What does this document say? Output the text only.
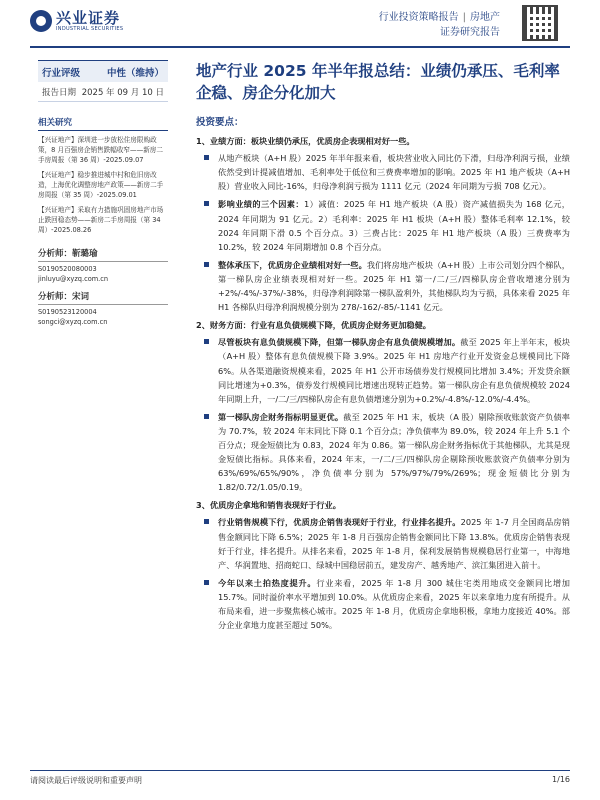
兴业证券
INDUSTRIAL SECURITIES
行业投资策略报告 | 房地产
证券研究报告
行业评级	中性（维持）
报告日期 2025 年 09 月 10 日
相关研究
【兴证地产】深圳进一步放松住房限购政策，8 月百强房企销售跌幅收窄——新房二手房周报（第 36 周）-2025.09.07
【兴证地产】稳步推进城中村和危旧房改造，上海优化调整房地产政策——新房二手房周报（第 35 周）-2025.09.01
【兴证地产】采取有力措施巩固房地产市场止跌回稳态势——新房二手房周报（第 34 周）-2025.08.26
分析师：靳璐瑜
S0190520080003
jinluyu@xyzq.com.cn
分析师：宋词
S0190523120004
songci@xyzq.com.cn
地产行业 2025 年半年报总结：业绩仍承压、毛利率企稳、房企分化加大
投资要点：
1、业绩方面：板块业绩仍承压，优质房企表现相对好一些。
从地产板块（A+H 股）2025 年半年报来看，板块营业收入同比仍下滑，归母净利润亏损，业绩依然受到计提减值增加、毛利率处于低位和三费费率增加的影响。2025 年 H1 地产板块（A+H 股）营业收入同比-16%，归母净利润亏损为 1111 亿元（2024 年同期为亏损 708 亿元）。
影响业绩的三个因素：1）减值：2025 年 H1 地产板块（A 股）资产减值损失为 168 亿元，2024 年同期为 91 亿元。2）毛利率：2025 年 H1 板块（A+H 股）整体毛利率 12.1%，较 2024 年同期下滑 0.5 个百分点。3）三费占比：2025 年 H1 地产板块（A 股）三费费率为 10.2%，较 2024 年同期增加 0.8 个百分点。
整体承压下，优质房企业绩相对好一些。我们将房地产板块（A+H 股）上市公司划分四个梯队，第一梯队房企业绩表现相对好一些。2025 年 H1 第一/二/三/四梯队房企营收增速分别为+2%/-4%/-37%/-38%，归母净利润除第一梯队盈利外，其他梯队均为亏损，具体来看 2025 年 H1 各梯队归母净利润规模分别为 278/-162/-85/-1141 亿元。
2、财务方面：行业有息负债规模下降，优质房企财务更加稳健。
尽管板块有息负债规模下降，但第一梯队房企有息负债规模增加。截至 2025 年上半年末，板块（A+H 股）整体有息负债规模下降 3.9%。2025 年 H1 房地产行业开发资金总规模同比下降 6%。从各渠道融资规模来看，2025 年 H1 公开市场债券发行规模同比增加 3.4%；开发贷余额同比增速为+0.3%，债券发行规模同比增速出现转正趋势。第一梯队房企有息负债规模较 2024 年同期上升，一/二/三/四梯队房企有息负债增速分别为+0.2%/-4.8%/-12.0%/-4.4%。
第一梯队房企财务指标明显更优。截至 2025 年 H1 末，板块（A 股）剔除预收账款资产负债率为 70.7%，较 2024 年末同比下降 0.1 个百分点；净负债率为 89.0%，较 2024 年上升 5.1 个百分点；现金短债比为 0.83，2024 年为 0.86。第一梯队房企财务指标优于其他梯队，尤其是现金短债比指标。具体来看，2024 年末，一/二/三/四梯队房企剔除预收账款资产负债率分别为 63%/69%/65%/90%，净负债率分别为 57%/97%/79%/269%；现金短债比分别为 1.82/0.72/1.05/0.19。
3、优质房企拿地和销售表现好于行业。
行业销售规模下行，优质房企销售表现好于行业，行业排名提升。2025 年 1-7 月全国商品房销售金额同比下降 6.5%；2025 年 1-8 月百强房企销售金额同比下降 13.8%。优质房企销售表现好于行业，排名提升。从排名来看，2025 年 1-8 月，保利发展销售规模稳居行业第一，中海地产、华润置地、招商蛇口、绿城中国稳居前五，建发房产、越秀地产、滨江集团进入前十。
今年以来土拍热度提升。行业来看，2025 年 1-8 月 300 城住宅类用地成交金额同比增加 15.7%。同时溢价率水平增加到 10.0%。从优质房企来看，2025 年以来拿地力度有所提升。从布局来看，进一步聚焦核心城市。2025 年 1-8 月，优质房企拿地积极，拿地力度接近 40%。部分企业拿地力度甚至超过 50%。
请阅读最后评级说明和重要声明	1/16
